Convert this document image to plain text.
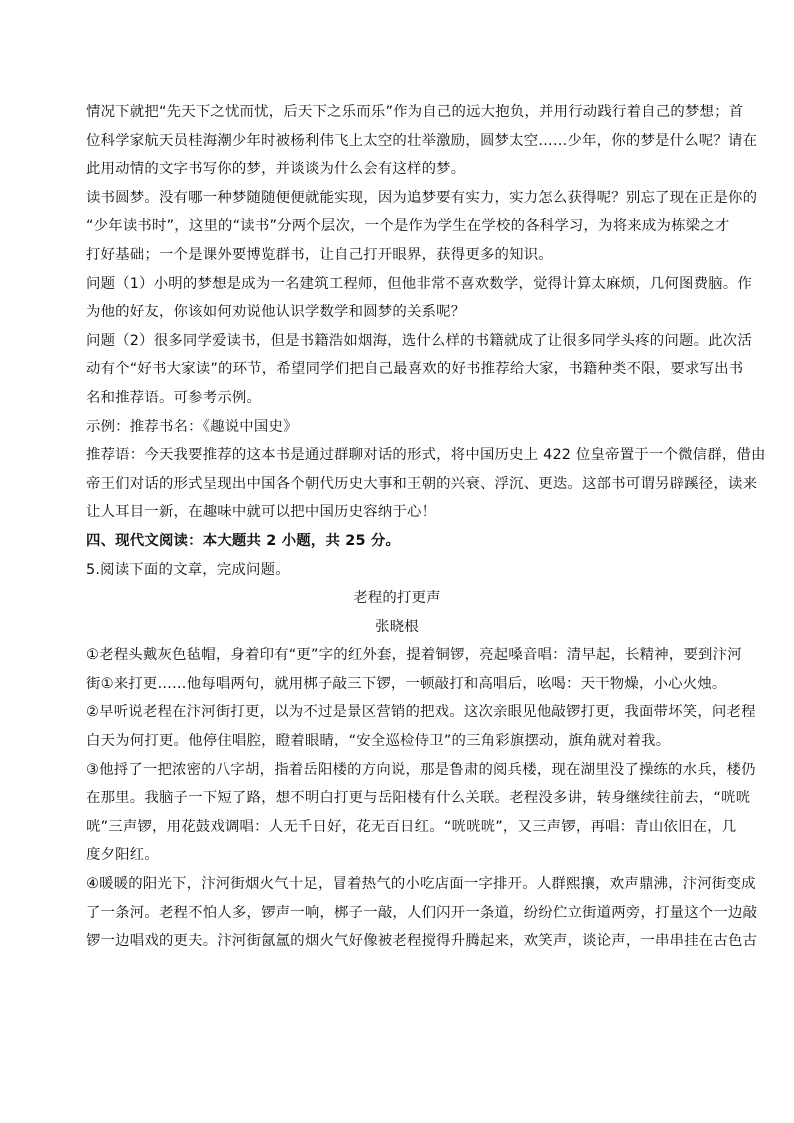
情况下就把“先天下之忧而忧，后天下之乐而乐”作为自己的远大抱负，并用行动践行着自己的梦想；首

位科学家航天员桂海潮少年时被杨利伟飞上太空的壮举激励，圆梦太空……少年，你的梦是什么呢？请在

此用动情的文字书写你的梦，并谈谈为什么会有这样的梦。

读书圆梦。没有哪一种梦随随便便就能实现，因为追梦要有实力，实力怎么获得呢？别忘了现在正是你的

“少年读书时”，这里的“读书”分两个层次，一个是作为学生在学校的各科学习，为将来成为栋梁之才

打好基础；一个是课外要博览群书，让自己打开眼界，获得更多的知识。

问题（1）小明的梦想是成为一名建筑工程师，但他非常不喜欢数学，觉得计算太麻烦，几何图费脑。作

为他的好友，你该如何劝说他认识学数学和圆梦的关系呢？

问题（2）很多同学爱读书，但是书籍浩如烟海，选什么样的书籍就成了让很多同学头疼的问题。此次活

动有个“好书大家读”的环节，希望同学们把自己最喜欢的好书推荐给大家，书籍种类不限，要求写出书

名和推荐语。可参考示例。

示例：推荐书名：《趣说中国史》

推荐语：今天我要推荐的这本书是通过群聊对话的形式，将中国历史上 422 位皇帝置于一个微信群，借由

帝王们对话的形式呈现出中国各个朝代历史大事和王朝的兴衰、浮沉、更迭。这部书可谓另辟蹊径，读来

让人耳目一新，在趣味中就可以把中国历史容纳于心！

四、现代文阅读：本大题共 2 小题，共 25 分。

5.阅读下面的文章，完成问题。

老程的打更声

张晓根

①老程头戴灰色毡帽，身着印有“更”字的红外套，提着铜锣，亮起嗓音唱：清早起，长精神，要到汴河

街①来打更……他每唱两句，就用梆子敲三下锣，一顿敲打和高唱后，吆喝：天干物燥，小心火烛。

②早听说老程在汴河街打更，以为不过是景区营销的把戏。这次亲眼见他敲锣打更，我面带坏笑，问老程

白天为何打更。他停住唱腔，瞪着眼睛，“安全巡检侍卫”的三角彩旗摆动，旗角就对着我。

③他捋了一把浓密的八字胡，指着岳阳楼的方向说，那是鲁肃的阅兵楼，现在湖里没了操练的水兵，楼仍

在那里。我脑子一下短了路，想不明白打更与岳阳楼有什么关联。老程没多讲，转身继续往前去，“咣咣

咣”三声锣，用花鼓戏调唱：人无千日好，花无百日红。“咣咣咣”，又三声锣，再唱：青山依旧在，几

度夕阳红。

④暖暖的阳光下，汴河街烟火气十足，冒着热气的小吃店面一字排开。人群熙攘，欢声鼎沸，汴河街变成

了一条河。老程不怕人多，锣声一响，梆子一敲，人们闪开一条道，纷纷伫立街道两旁，打量这个一边敲

锣一边唱戏的更夫。汴河街氤氲的烟火气好像被老程搅得升腾起来，欢笑声，谈论声，一串串挂在古色古
